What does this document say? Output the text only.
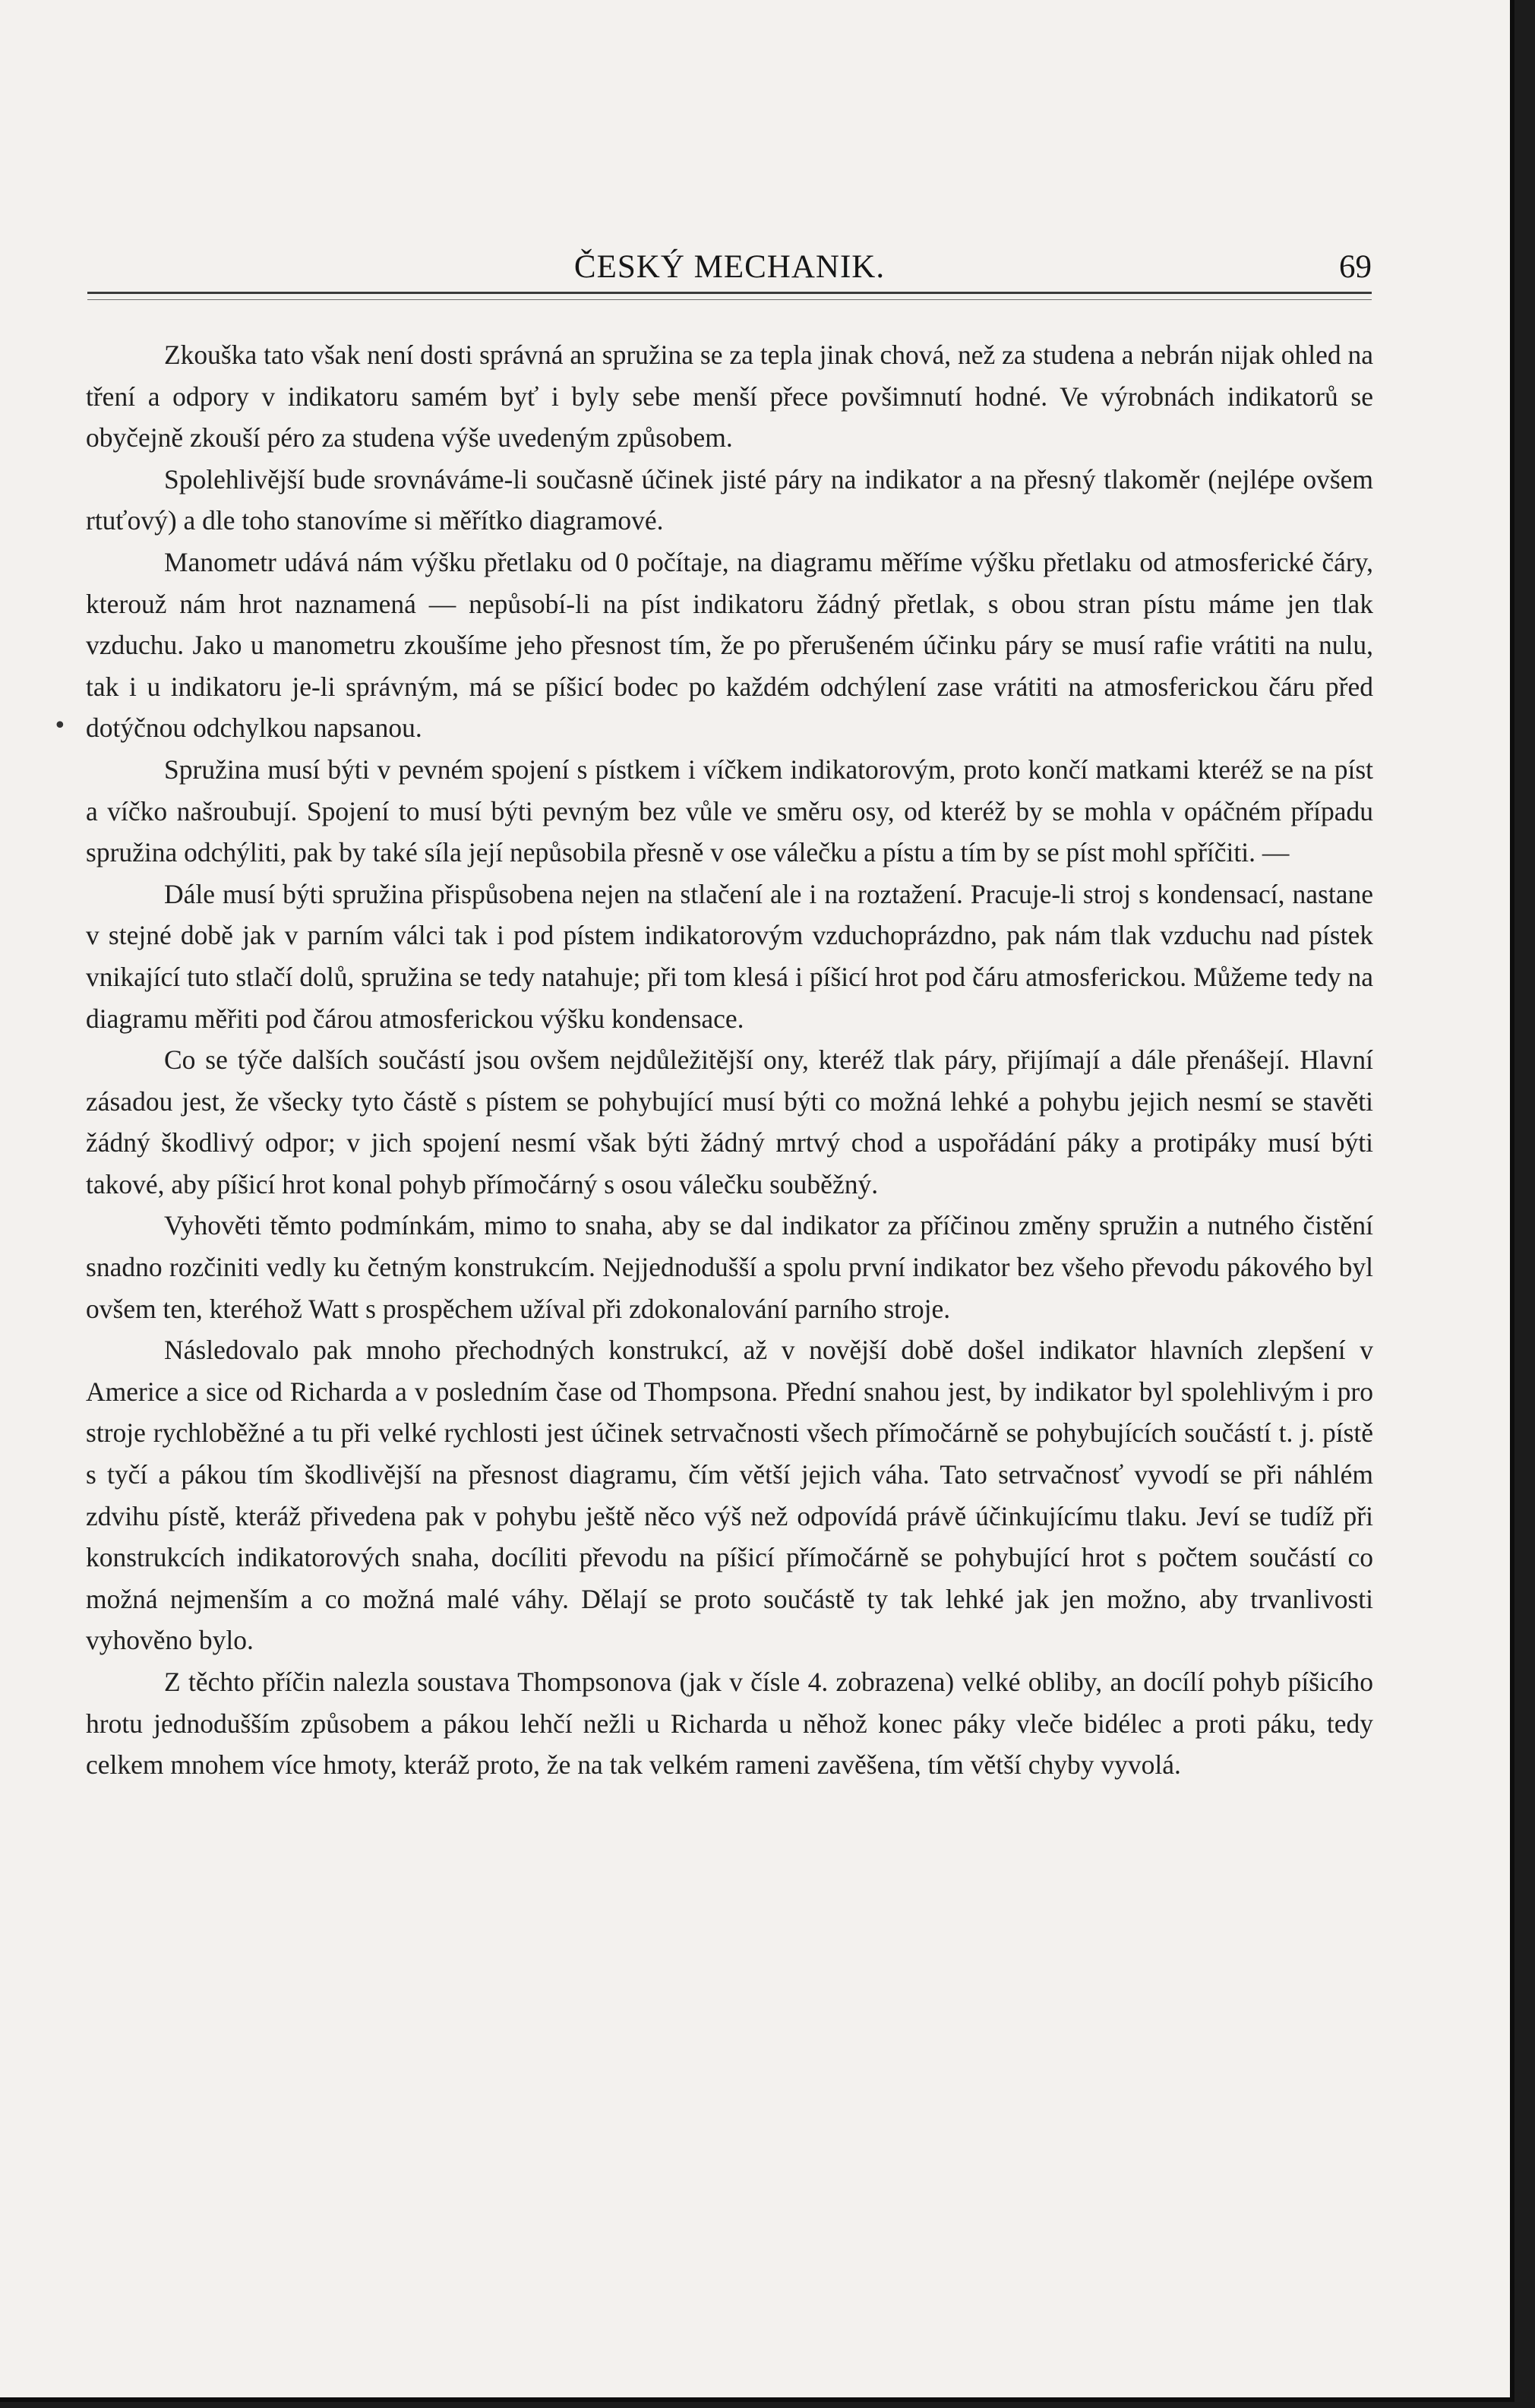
ČESKÝ MECHANIK.	69
•

Zkouška tato však není dosti správná an spružina se za tepla jinak chová, než za studena a nebrán nijak ohled na tření a odpory v indikatoru samém byť i byly sebe menší přece povšimnutí hodné. Ve výrobnách indikatorů se obyčejně zkouší péro za studena výše uvedeným způsobem.

Spolehlivější bude srovnáváme-li současně účinek jisté páry na indikator a na přesný tlakoměr (nejlépe ovšem rtuťový) a dle toho stanovíme si měřítko diagramové.

Manometr udává nám výšku přetlaku od 0 počítaje, na diagramu měříme výšku přetlaku od atmosferické čáry, kterouž nám hrot naznamená — nepůsobí-li na píst indikatoru žádný přetlak, s obou stran pístu máme jen tlak vzduchu. Jako u manometru zkoušíme jeho přesnost tím, že po přerušeném účinku páry se musí rafie vrátiti na nulu, tak i u indikatoru je-li správným, má se píšicí bodec po každém odchýlení zase vrátiti na atmosferickou čáru před dotýčnou odchylkou napsanou.

Spružina musí býti v pevném spojení s pístkem i víčkem indikatorovým, proto končí matkami kteréž se na píst a víčko našroubují. Spojení to musí býti pevným bez vůle ve směru osy, od kteréž by se mohla v opáčném případu spružina odchýliti, pak by také síla její nepůsobila přesně v ose válečku a pístu a tím by se píst mohl spříčiti. —

Dále musí býti spružina přispůsobena nejen na stlačení ale i na roztažení. Pracuje-li stroj s kondensací, nastane v stejné době jak v parním válci tak i pod pístem indikatorovým vzduchoprázdno, pak nám tlak vzduchu nad pístek vnikající tuto stlačí dolů, spružina se tedy natahuje; při tom klesá i píšicí hrot pod čáru atmosferickou. Můžeme tedy na diagramu měřiti pod čárou atmosferickou výšku kondensace.

Co se týče dalších součástí jsou ovšem nejdůležitější ony, kteréž tlak páry, přijímají a dále přenášejí. Hlavní zásadou jest, že všecky tyto částě s pístem se pohybující musí býti co možná lehké a pohybu jejich nesmí se stavěti žádný škodlivý odpor; v jich spojení nesmí však býti žádný mrtvý chod a uspořádání páky a protipáky musí býti takové, aby píšicí hrot konal pohyb přímočárný s osou válečku souběžný.

Vyhověti těmto podmínkám, mimo to snaha, aby se dal indikator za příčinou změny spružin a nutného čistění snadno rozčiniti vedly ku četným konstrukcím. Nejjednodušší a spolu první indikator bez všeho převodu pákového byl ovšem ten, kteréhož Watt s prospěchem užíval při zdokonalování parního stroje.

Následovalo pak mnoho přechodných konstrukcí, až v novější době došel indikator hlavních zlepšení v Americe a sice od Richarda a v posledním čase od Thompsona. Přední snahou jest, by indikator byl spolehlivým i pro stroje rychloběžné a tu při velké rychlosti jest účinek setrvačnosti všech přímočárně se pohybujících součástí t. j. pístě s tyčí a pákou tím škodlivější na přesnost diagramu, čím větší jejich váha. Tato setrvačnosť vyvodí se při náhlém zdvihu pístě, kteráž přivedena pak v pohybu ještě něco výš než odpovídá právě účinkujícímu tlaku. Jeví se tudíž při konstrukcích indikatorových snaha, docíliti převodu na píšicí přímočárně se pohybující hrot s počtem součástí co možná nejmenším a co možná malé váhy. Dělají se proto součástě ty tak lehké jak jen možno, aby trvanlivosti vyhověno bylo.

Z těchto příčin nalezla soustava Thompsonova (jak v čísle 4. zobrazena) velké obliby, an docílí pohyb píšicího hrotu jednodušším způsobem a pákou lehčí nežli u Richarda u něhož konec páky vleče bidélec a proti páku, tedy celkem mnohem více hmoty, kteráž proto, že na tak velkém rameni zavěšena, tím větší chyby vyvolá.
